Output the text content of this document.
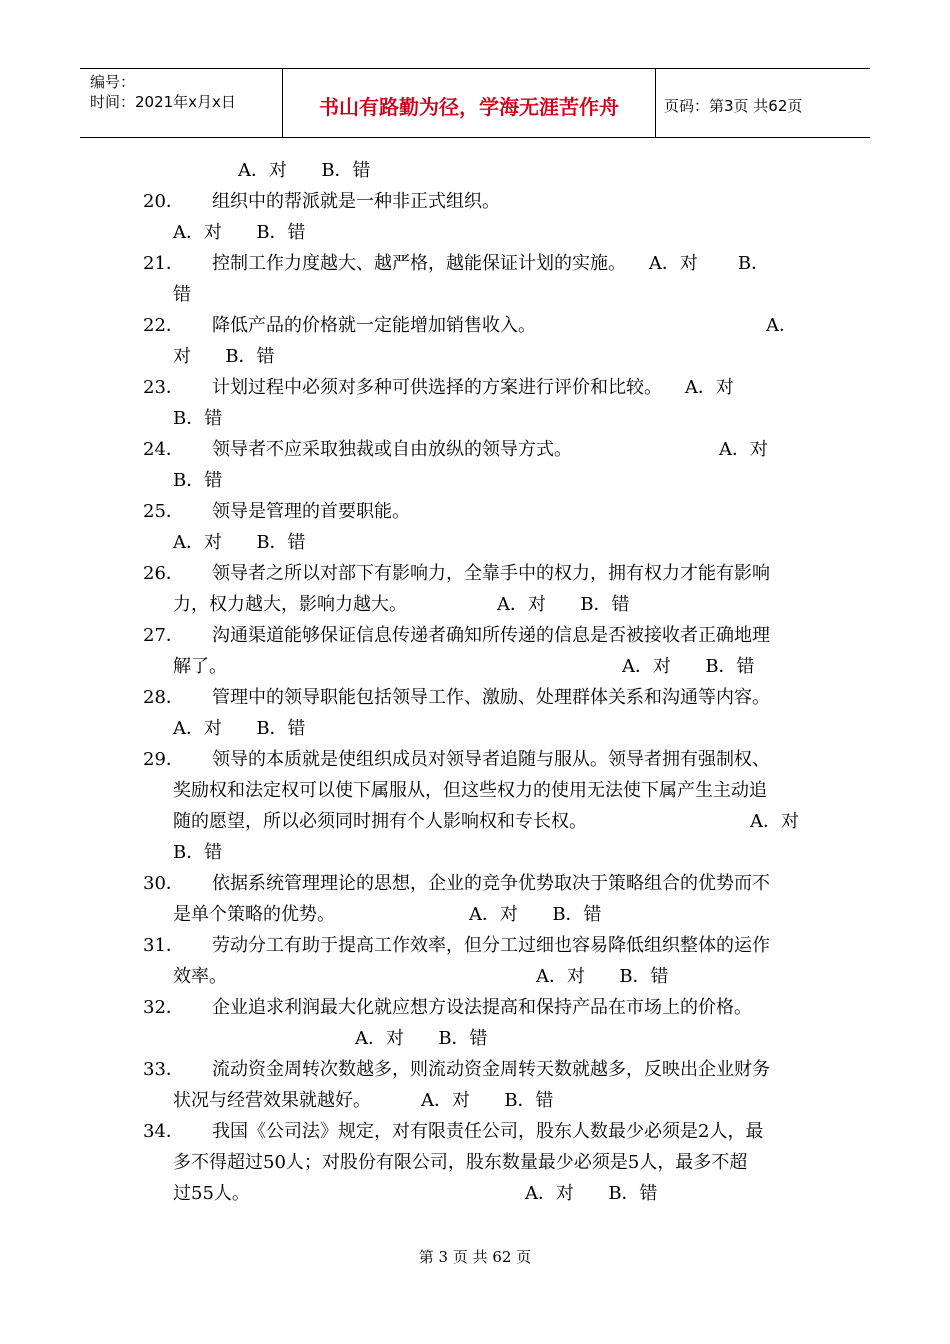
编号：
时间：2021年x月x日	书山有路勤为径，学海无涯苦作舟	页码：第3页 共62页
A．对      B．错
20． 组织中的帮派就是一种非正式组织。
A．对      B．错
21． 控制工作力度越大、越严格，越能保证计划的实施。    A．对       B．
错
22． 降低产品的价格就一定能增加销售收入。	A．
对      B．错
23． 计划过程中必须对多种可供选择的方案进行评价和比较。    A．对
B．错
24． 领导者不应采取独裁或自由放纵的领导方式。	A．对
B．错
25． 领导是管理的首要职能。
A．对      B．错
26． 领导者之所以对部下有影响力，全靠手中的权力，拥有权力才能有影响
力，权力越大，影响力越大。	A．对      B．错
27． 沟通渠道能够保证信息传递者确知所传递的信息是否被接收者正确地理
解了。	A．对      B．错
28． 管理中的领导职能包括领导工作、激励、处理群体关系和沟通等内容。
A．对      B．错
29． 领导的本质就是使组织成员对领导者追随与服从。领导者拥有强制权、
奖励权和法定权可以使下属服从，但这些权力的使用无法使下属产生主动追
随的愿望，所以必须同时拥有个人影响权和专长权。	A．对
B．错
30． 依据系统管理理论的思想，企业的竞争优势取决于策略组合的优势而不
是单个策略的优势。	A．对      B．错
31． 劳动分工有助于提高工作效率，但分工过细也容易降低组织整体的运作
效率。	A．对      B．错
32． 企业追求利润最大化就应想方设法提高和保持产品在市场上的价格。
A．对      B．错
33． 流动资金周转次数越多，则流动资金周转天数就越多，反映出企业财务
状况与经营效果就越好。	A．对      B．错
34． 我国《公司法》规定，对有限责任公司，股东人数最少必须是2人，最
多不得超过50人；对股份有限公司，股东数量最少必须是5人，最多不超
过55人。	A．对      B．错
第 3 页 共 62 页
